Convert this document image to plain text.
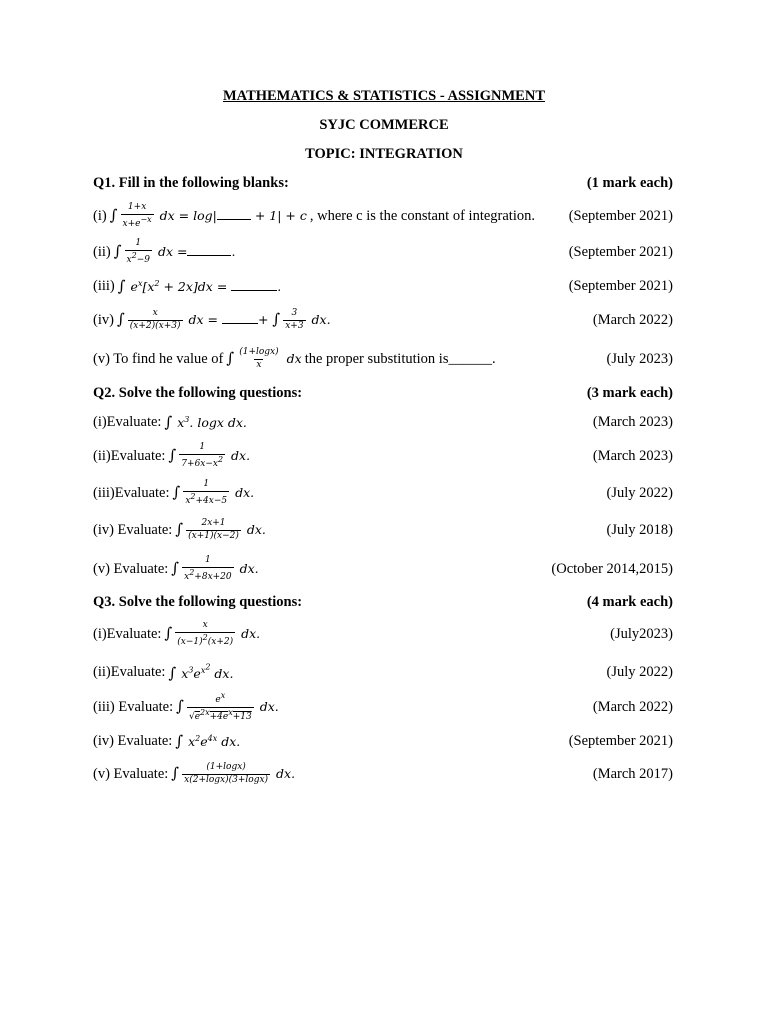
MATHEMATICS & STATISTICS - ASSIGNMENT
SYJC COMMERCE
TOPIC: INTEGRATION
Q1. Fill in the following blanks:	(1 mark each)
(i) ∫ $\frac{1+x}{x+e^{-x}}$ dx = log|	+ 1| + c , where c is the constant of integration. (September 2021)
(ii) ∫ $\frac{1}{x^2-9}$ dx =	.	(September 2021)
(iii) ∫ $e^x[x^2 + 2x]dx$ =	.	(September 2021)
(iv) ∫ $\frac{x}{(x+2)(x+3)}$ dx =	+ ∫ $\frac{3}{x+3}$ dx.	(March 2022)
(v) To find he value of ∫ $\frac{(1+\log x)}{x}$ dx the proper substitution is______.	(July 2023)
Q2. Solve the following questions:	(3 mark each)
(i)Evaluate: ∫ $x^3$. logx dx.	(March 2023)
(ii)Evaluate: ∫ $\frac{1}{7+6x-x^2}$ dx.	(March 2023)
(iii)Evaluate: ∫ $\frac{1}{x^2+4x-5}$ dx.	(July 2022)
(iv) Evaluate: ∫ $\frac{2x+1}{(x+1)(x-2)}$ dx.	(July 2018)
(v) Evaluate: ∫ $\frac{1}{x^2+8x+20}$ dx.	(October 2014,2015)
Q3. Solve the following questions:	(4 mark each)
(i)Evaluate: ∫ $\frac{x}{(x-1)^2(x+2)}$ dx.	(July2023)
(ii)Evaluate: ∫ $x^3e^{x^2}$ dx.	(July 2022)
(iii) Evaluate: ∫ $\frac{e^x}{√e^{2x}+4e^x+13}$ dx.	(March 2022)
(iv) Evaluate: ∫ $x^2e^{4x}$ dx.	(September 2021)
(v) Evaluate: ∫ $\frac{(1+\log x)}{x(2+\log x)(3+\log x)}$ dx.	(March 2017)
